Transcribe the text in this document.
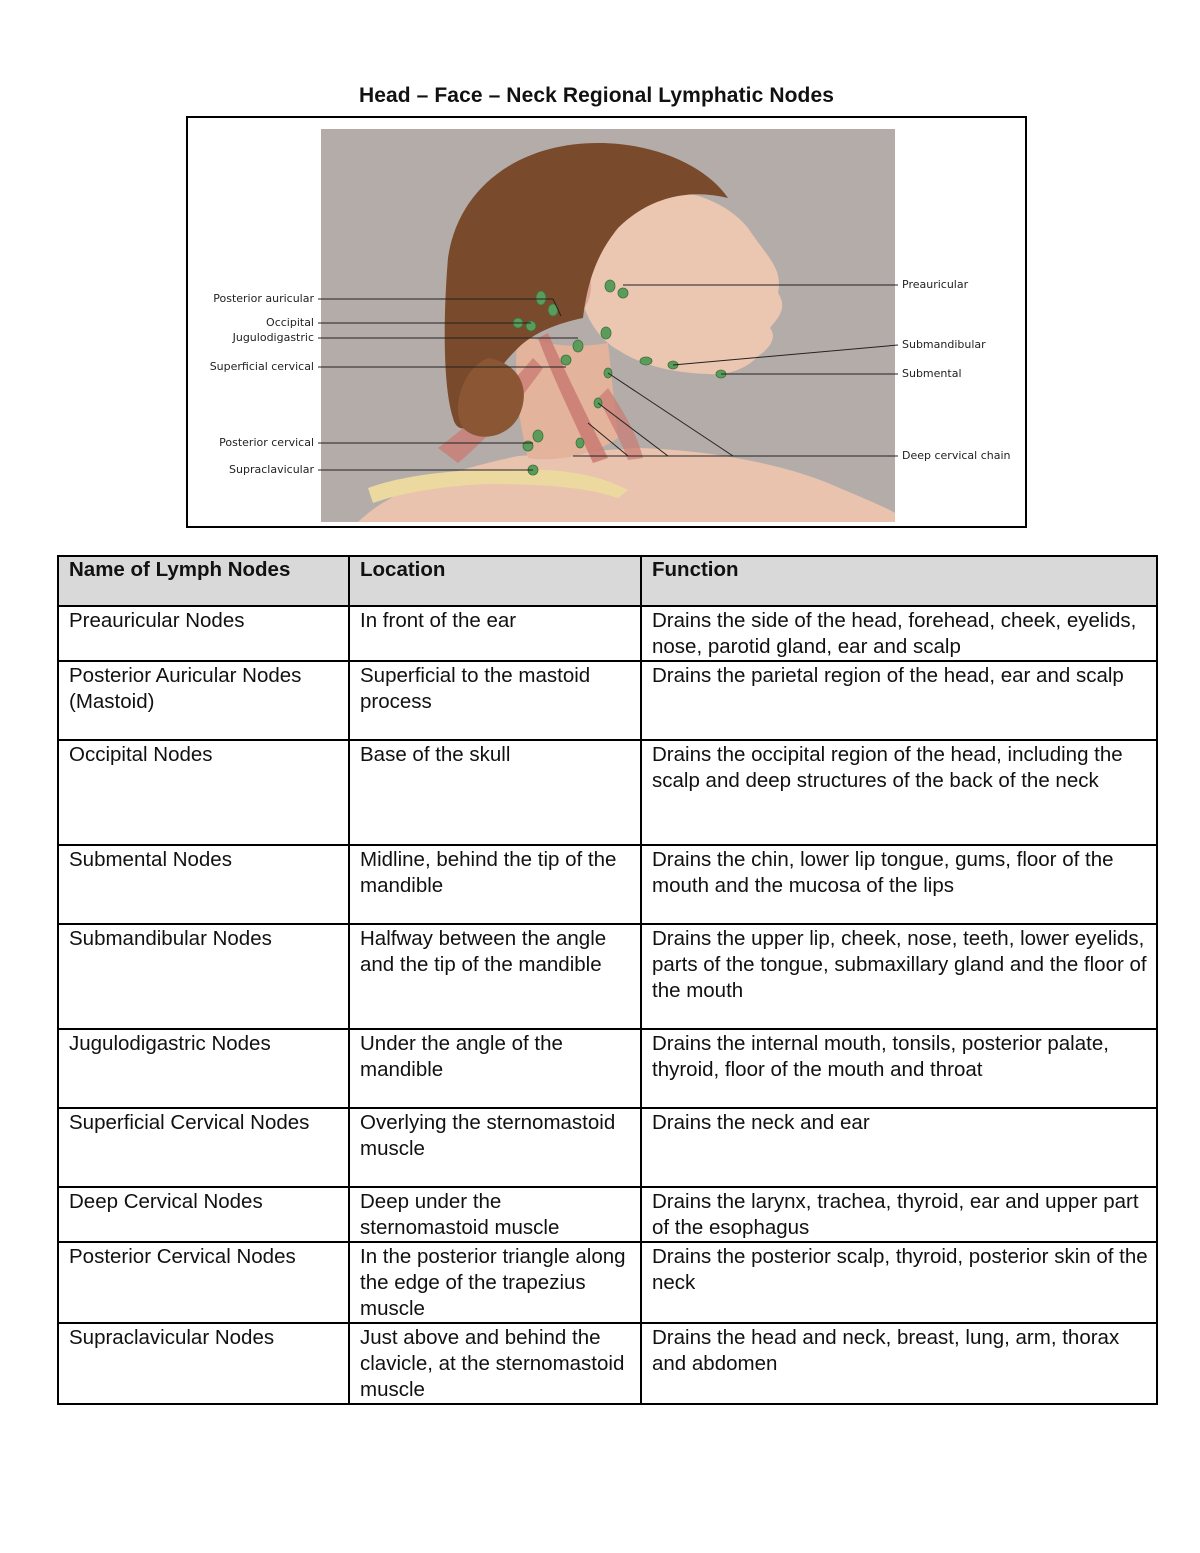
Head – Face – Neck Regional Lymphatic Nodes
Posterior auricular
Occipital
Jugulodigastric
Superficial cervical
Posterior cervical
Supraclavicular
Preauricular
Submandibular
Submental
Deep cervical chain
Name of Lymph Nodes	Location	Function
Preauricular Nodes	In front of the ear	Drains the side of the head, forehead, cheek, eyelids, nose, parotid gland, ear and scalp
Posterior Auricular Nodes (Mastoid)	Superficial to the mastoid process	Drains the parietal region of the head, ear and scalp
Occipital Nodes	Base of the skull	Drains the occipital region of the head, including the scalp and deep structures of the back of the neck
Submental Nodes	Midline, behind the tip of the mandible	Drains the chin, lower lip tongue, gums, floor of the mouth and the mucosa of the lips
Submandibular Nodes	Halfway between the angle and the tip of the mandible	Drains the upper lip, cheek, nose, teeth, lower eyelids, parts of the tongue, submaxillary gland and the floor of the mouth
Jugulodigastric Nodes	Under the angle of the mandible	Drains the internal mouth, tonsils, posterior palate, thyroid, floor of the mouth and throat
Superficial Cervical Nodes	Overlying the sternomastoid muscle	Drains the neck and ear
Deep Cervical Nodes	Deep under the sternomastoid muscle	Drains the larynx, trachea, thyroid, ear and upper part of the esophagus
Posterior Cervical Nodes	In the posterior triangle along the edge of the trapezius muscle	Drains the posterior scalp, thyroid, posterior skin of the neck
Supraclavicular Nodes	Just above and behind the clavicle, at the sternomastoid muscle	Drains the head and neck, breast, lung, arm, thorax and abdomen
